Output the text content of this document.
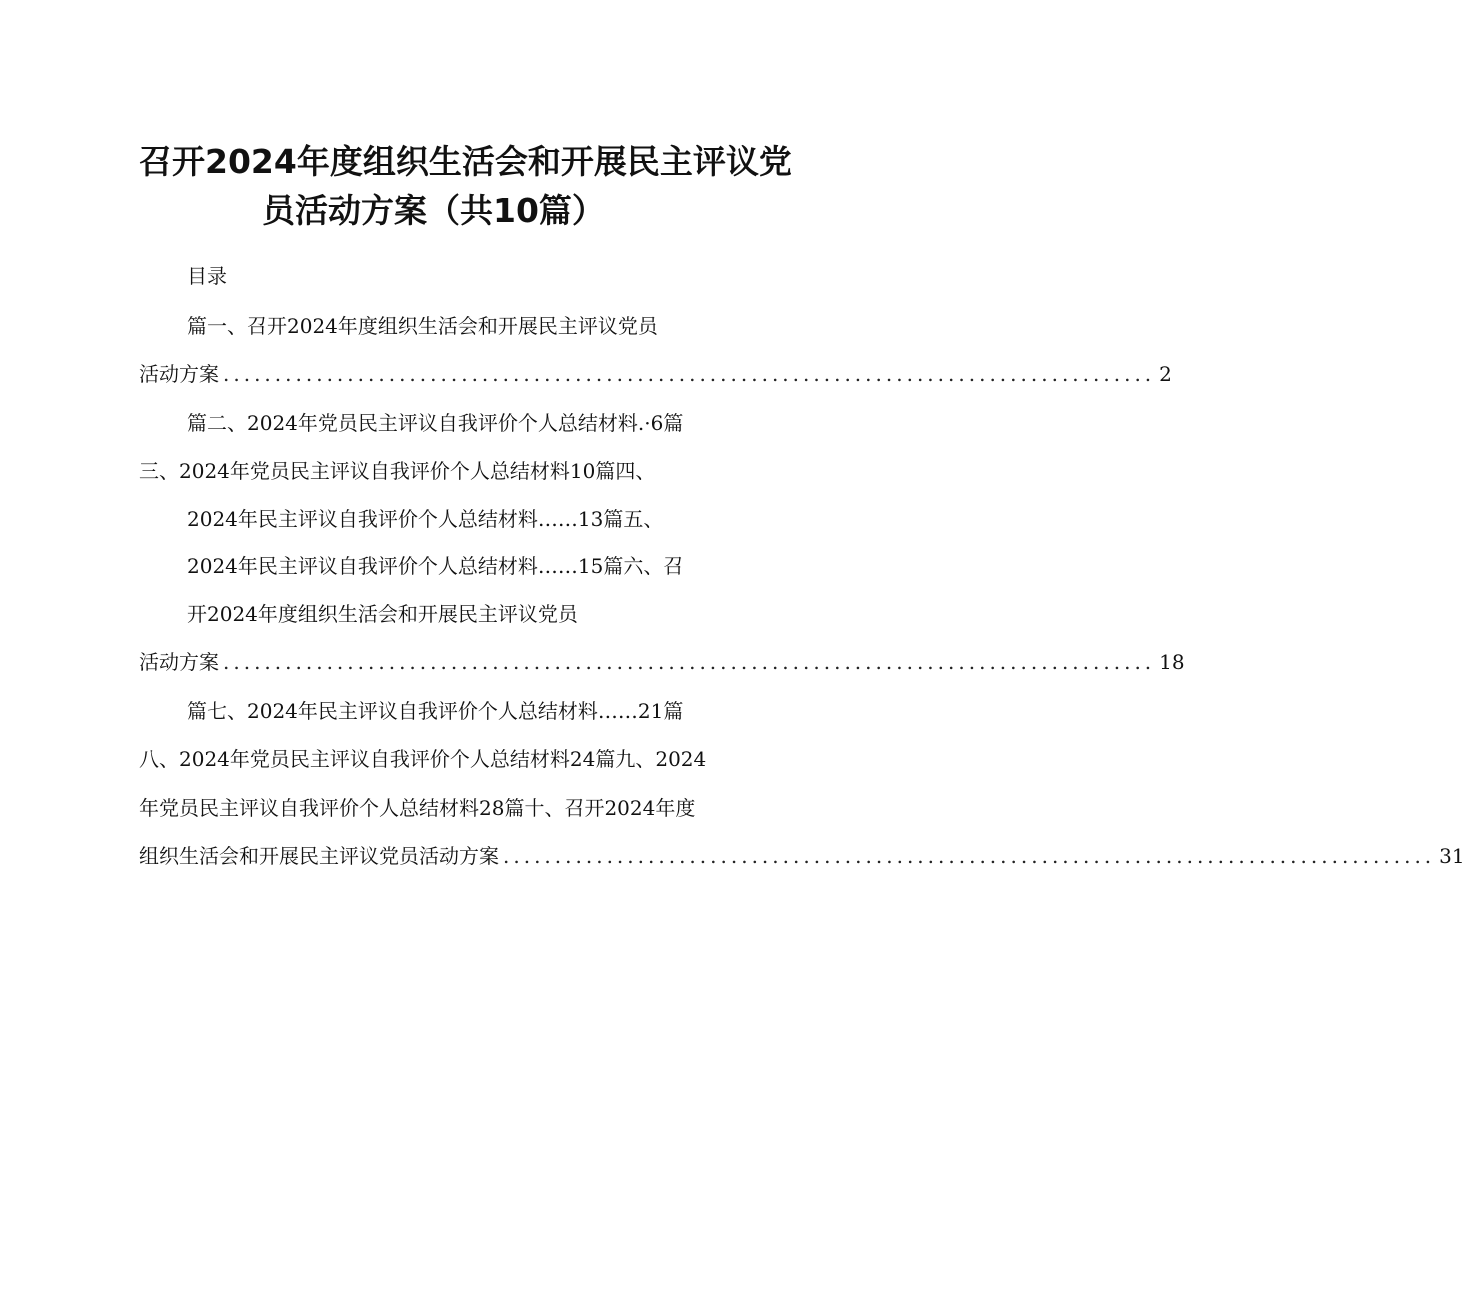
召开2024年度组织生活会和开展民主评议党
员活动方案（共10篇）
目录
篇一、召开2024年度组织生活会和开展民主评议党员
活动方案 .......................................................................................... 2
篇二、2024年党员民主评议自我评价个人总结材料.·6篇
三、2024年党员民主评议自我评价个人总结材料10篇四、
2024年民主评议自我评价个人总结材料……13篇五、
2024年民主评议自我评价个人总结材料……15篇六、召
开2024年度组织生活会和开展民主评议党员
活动方案 .......................................................................................... 18
篇七、2024年民主评议自我评价个人总结材料……21篇
八、2024年党员民主评议自我评价个人总结材料24篇九、2024
年党员民主评议自我评价个人总结材料28篇十、召开2024年度
组织生活会和开展民主评议党员活动方案 .......................................................................................... 31
